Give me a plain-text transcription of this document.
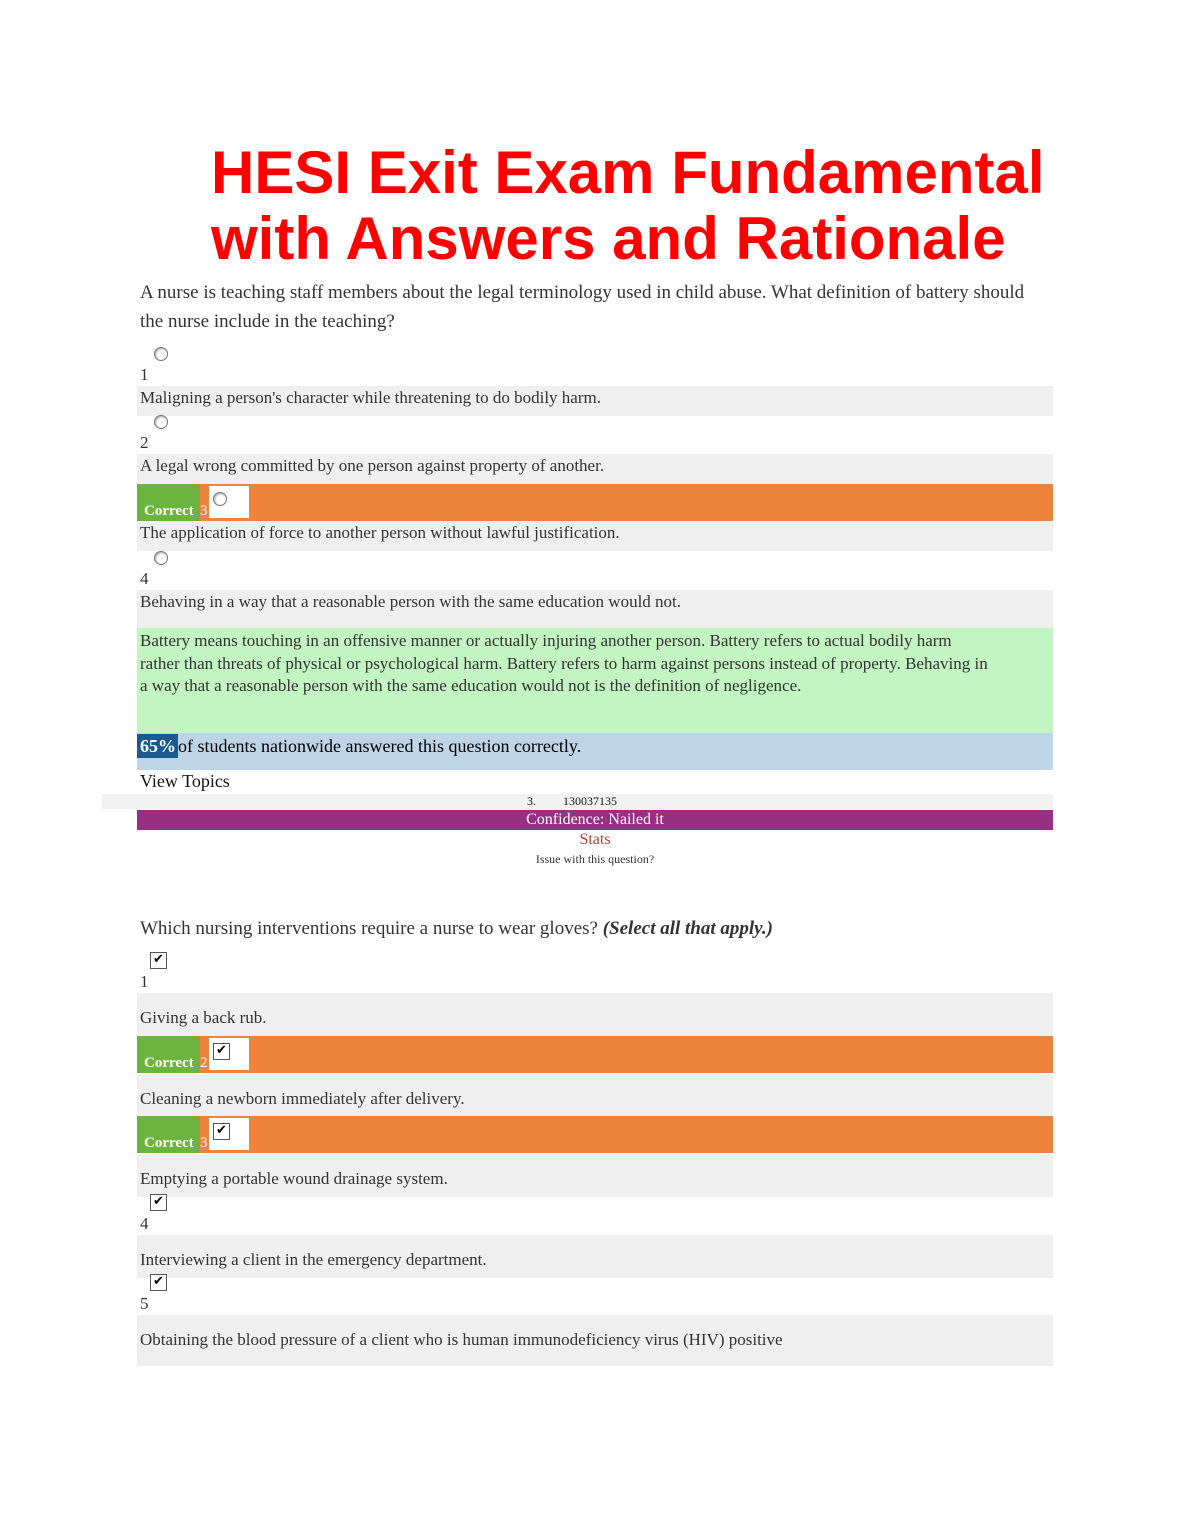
HESI Exit Exam Fundamental
with Answers and Rationale
A nurse is teaching staff members about the legal terminology used in child abuse. What definition of battery should the nurse include in the teaching?
1
Maligning a person's character while threatening to do bodily harm.
2
A legal wrong committed by one person against property of another.
Correct 3
The application of force to another person without lawful justification.
4
Behaving in a way that a reasonable person with the same education would not.
Battery means touching in an offensive manner or actually injuring another person. Battery refers to actual bodily harm rather than threats of physical or psychological harm. Battery refers to harm against persons instead of property. Behaving in a way that a reasonable person with the same education would not is the definition of negligence.
65% of students nationwide answered this question correctly.
View Topics
3. 130037135
Confidence: Nailed it
Stats
Issue with this question?
Which nursing interventions require a nurse to wear gloves? (Select all that apply.)
1
✔
Giving a back rub.
Correct 2
✔
Cleaning a newborn immediately after delivery.
Correct 3
✔
Emptying a portable wound drainage system.
4
✔
Interviewing a client in the emergency department.
5
✔
Obtaining the blood pressure of a client who is human immunodeficiency virus (HIV) positive
